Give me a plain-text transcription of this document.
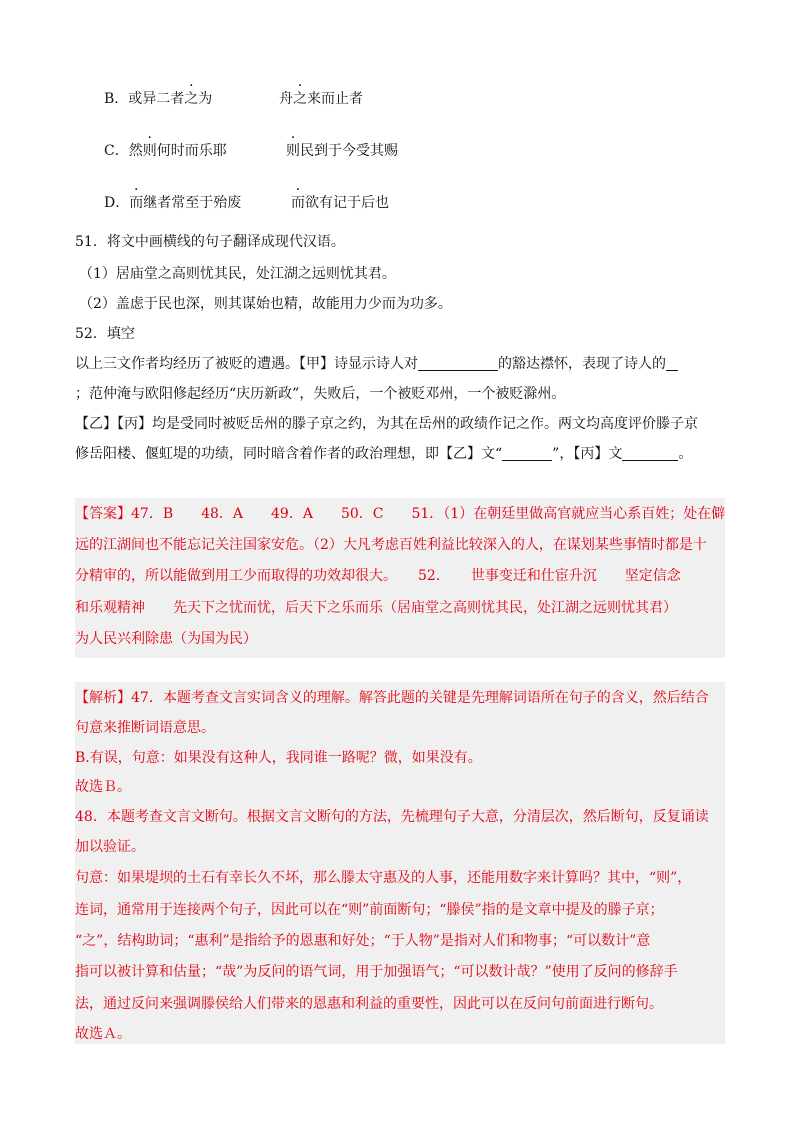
B．或异二者之为	舟之来而止者
C．然则何时而乐耶	则民到于今受其赐
D．而继者常至于殆废	而欲有记于后也
51．将文中画横线的句子翻译成现代汉语。
（1）居庙堂之高则忧其民，处江湖之远则忧其君。
（2）盖虑于民也深，则其谋始也精，故能用力少而为功多。
52．填空
以上三文作者均经历了被贬的遭遇。【甲】诗显示诗人对	的豁达襟怀，表现了诗人的
；范仲淹与欧阳修起经历“庆历新政”，失败后，一个被贬邓州，一个被贬滁州。
【乙】【丙】均是受同时被贬岳州的滕子京之约，为其在岳州的政绩作记之作。两文均高度评价滕子京
修岳阳楼、偃虹堤的功绩，同时暗含着作者的政治理想，即【乙】文“	”，【丙】文	。
【答案】47．B　　48．A　　49．A　　50．C　　51．（1）在朝廷里做高官就应当心系百姓；处在僻
远的江湖间也不能忘记关注国家安危。（2）大凡考虑百姓利益比较深入的人，在谋划某些事情时都是十
分精审的，所以能做到用工少而取得的功效却很大。　　52．　　世事变迁和仕宦升沉　　坚定信念
和乐观精神　　先天下之忧而忧，后天下之乐而乐（居庙堂之高则忧其民，处江湖之远则忧其君）
为人民兴利除患（为国为民）
【解析】47．本题考查文言实词含义的理解。解答此题的关键是先理解词语所在句子的含义，然后结合
句意来推断词语意思。
B.有误，句意：如果没有这种人，我同谁一路呢？微，如果没有。
故选Ｂ。
48．本题考查文言文断句。根据文言文断句的方法，先梳理句子大意，分清层次，然后断句，反复诵读
加以验证。
句意：如果堤坝的土石有幸长久不坏，那么滕太守惠及的人事，还能用数字来计算吗？其中，“则”，
连词，通常用于连接两个句子，因此可以在“则”前面断句；“滕侯”指的是文章中提及的滕子京；
“之”，结构助词；“惠利”是指给予的恩惠和好处；“于人物”是指对人们和物事；“可以数计”意
指可以被计算和估量；“哉”为反问的语气词，用于加强语气；“可以数计哉？”使用了反问的修辞手
法，通过反问来强调滕侯给人们带来的恩惠和利益的重要性，因此可以在反问句前面进行断句。
故选Ａ。
